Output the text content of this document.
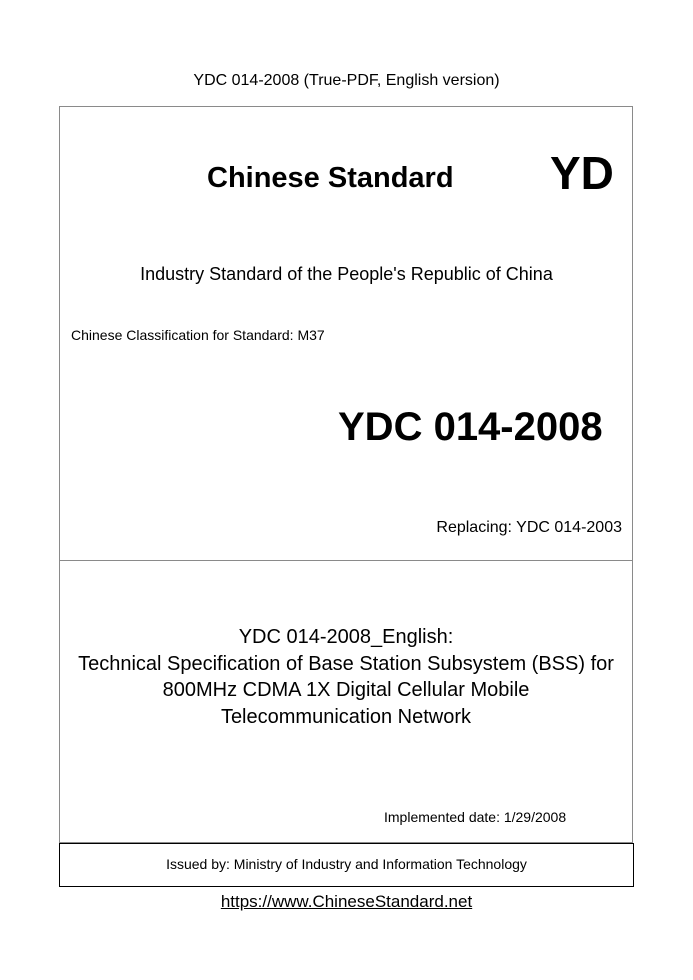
YDC 014-2008 (True-PDF, English version)
Chinese Standard YD
Industry Standard of the People's Republic of China
Chinese Classification for Standard: M37
YDC 014-2008
Replacing: YDC 014-2003
YDC 014-2008_English:
Technical Specification of Base Station Subsystem (BSS) for
800MHz CDMA 1X Digital Cellular Mobile
Telecommunication Network
Implemented date: 1/29/2008
Issued by: Ministry of Industry and Information Technology
https://www.ChineseStandard.net
